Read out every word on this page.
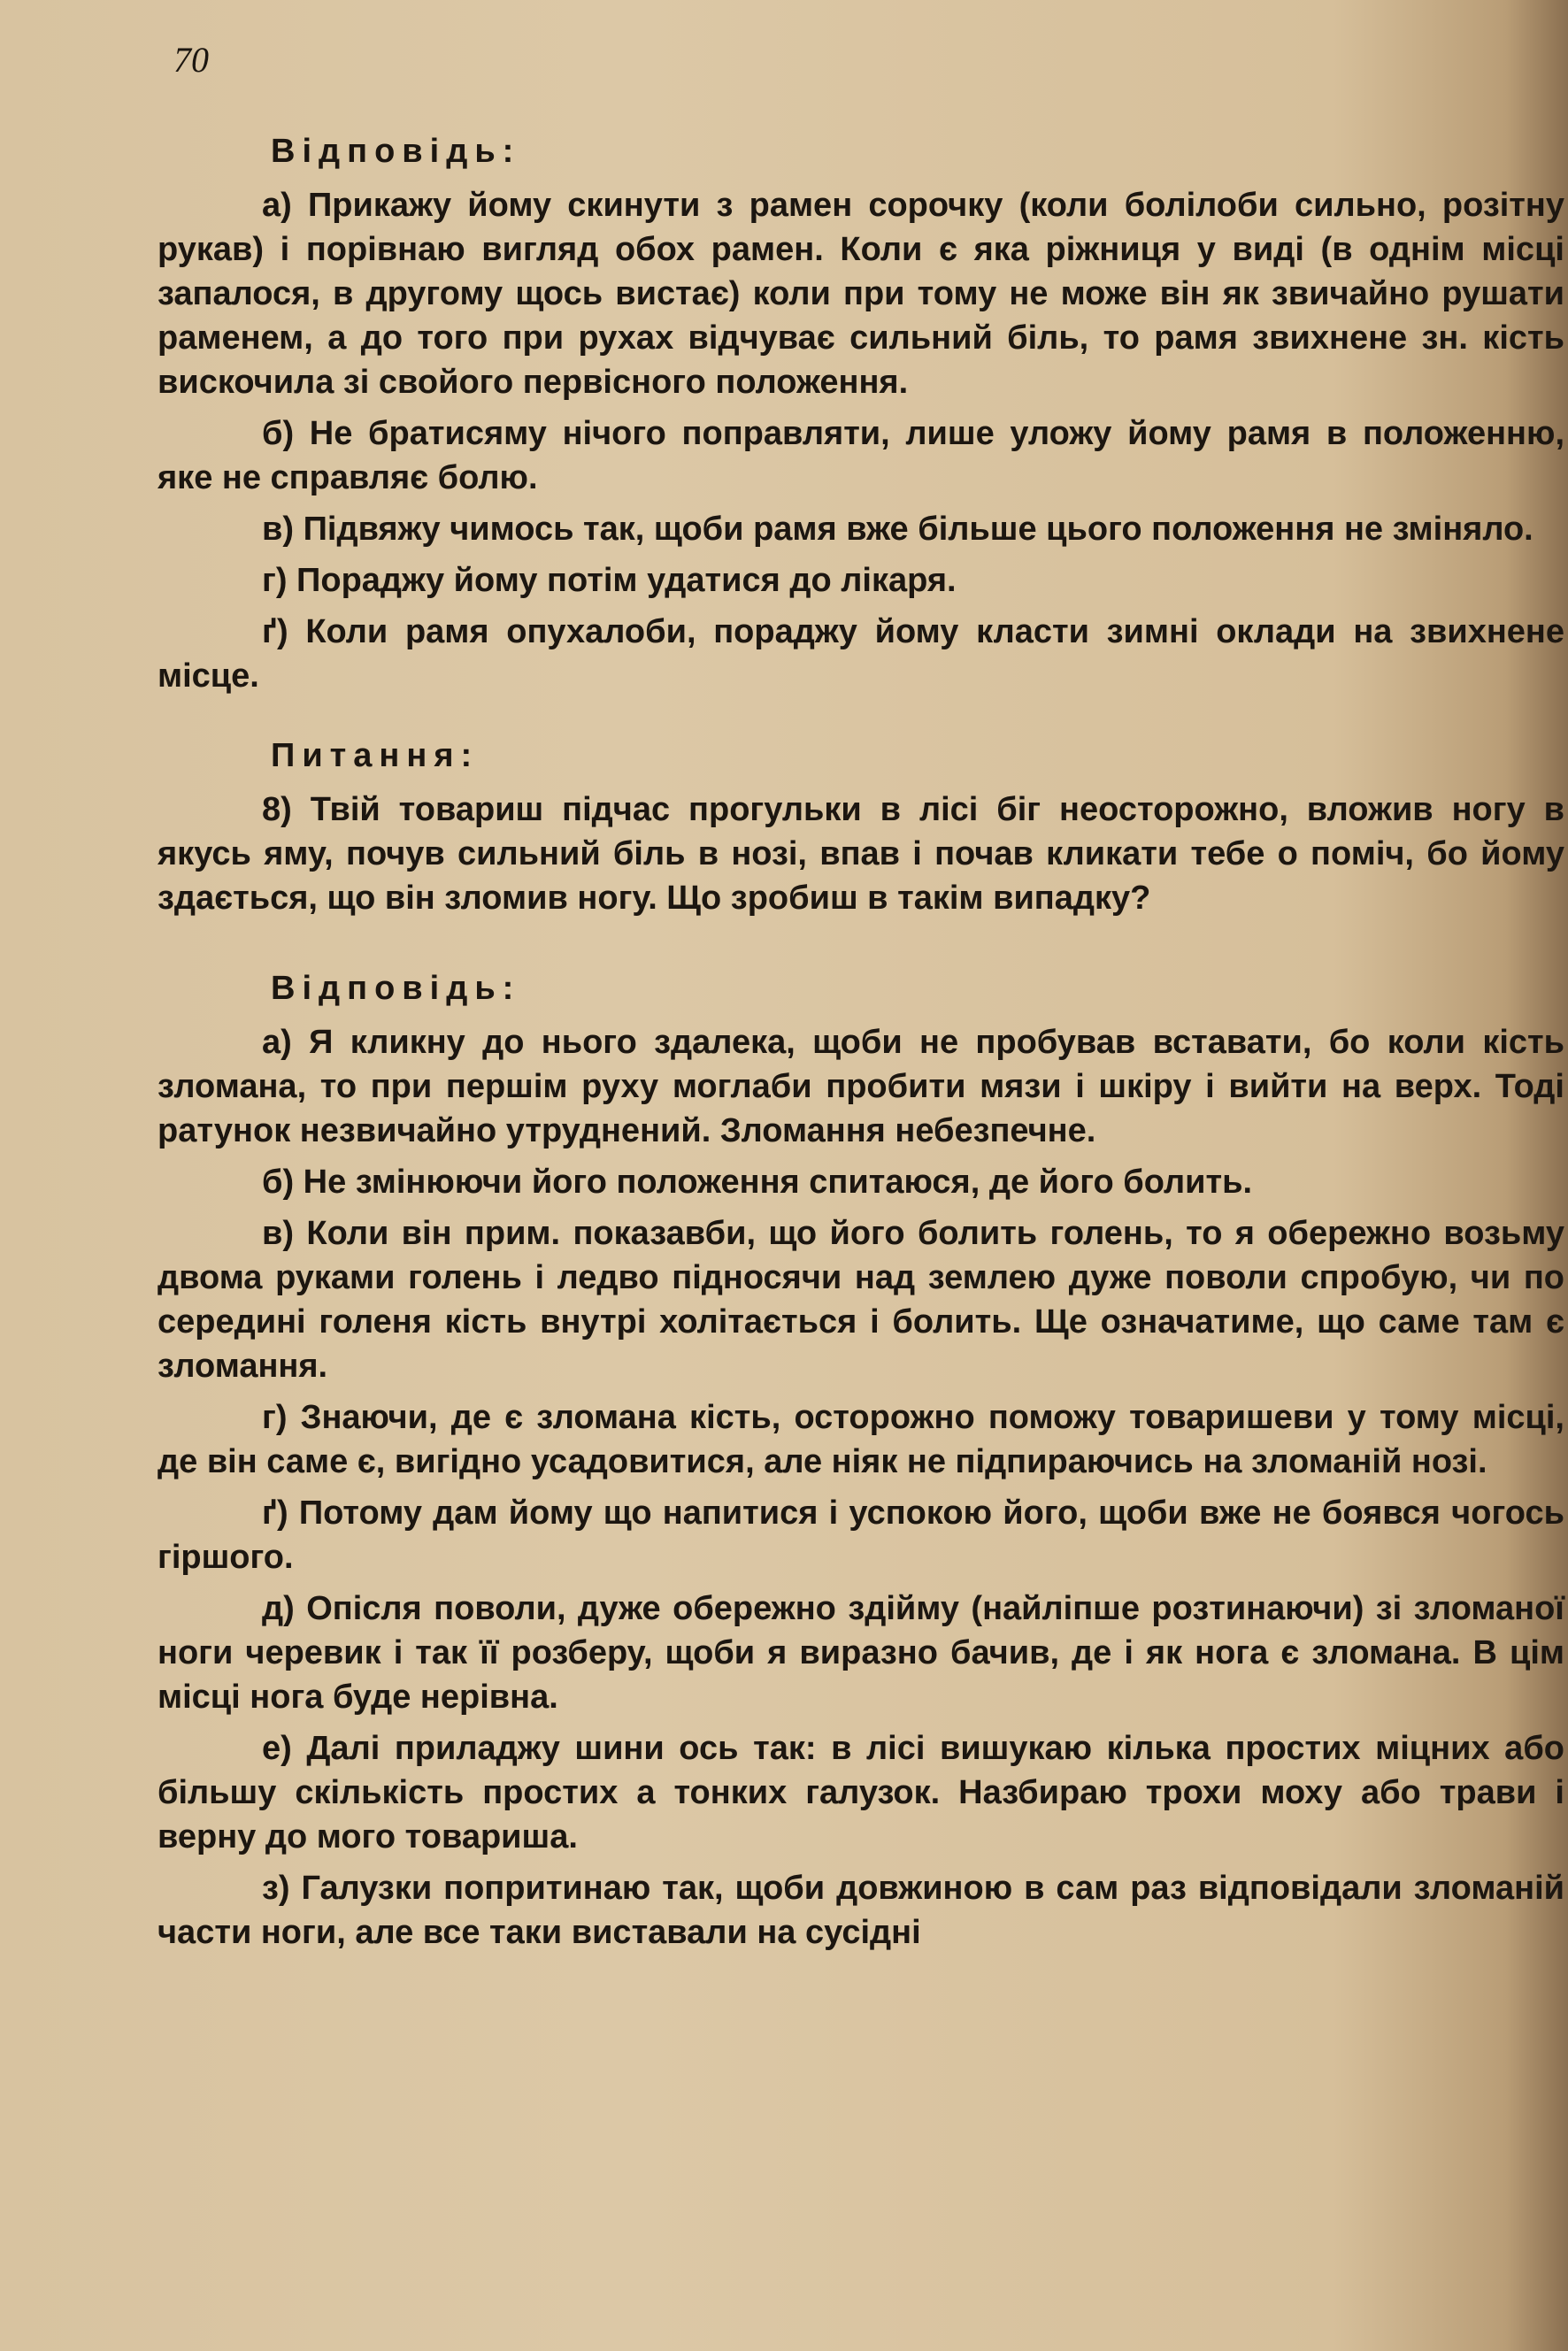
70
Відповідь:

а) Прикажу йому скинути з рамен сорочку (коли болілоби сильно, розітну рукав) і порівнаю вигляд обох рамен. Коли є яка ріжниця у виді (в однім місці запалося, в другому щось вистає) коли при тому не може він як звичайно рушати раменем, а до того при рухах відчуває сильний біль, то рамя звихнене зн. кість вискочила зі свойого первісного положення.

б) Не братисяму нічого поправляти, лише уложу йому рамя в положенню, яке не справляє болю.

в) Підвяжу чимось так, щоби рамя вже більше цього положення не зміняло.

г) Пораджу йому потім удатися до лікаря.

ґ) Коли рамя опухалоби, пораджу йому класти зимні оклади на звихнене місце.

Питання:

8) Твій товариш підчас прогульки в лісі біг неосторожно, вложив ногу в якусь яму, почув сильний біль в нозі, впав і почав кликати тебе о поміч, бо йому здається, що він зломив ногу. Що зробиш в такім випадку?

Відповідь:

а) Я кликну до нього здалека, щоби не пробував вставати, бо коли кість зломана, то при першім руху моглаби пробити мязи і шкіру і вийти на верх. Тоді ратунок незвичайно утруднений. Зломання небезпечне.

б) Не змінюючи його положення спитаюся, де його болить.

в) Коли він прим. показавби, що його болить голень, то я обережно возьму двома руками голень і ледво підносячи над землею дуже поволи спробую, чи по середині голеня кість внутрі холітається і болить. Ще означатиме, що саме там є зломання.

г) Знаючи, де є зломана кість, осторожно поможу товаришеви у тому місці, де він саме є, вигідно усадовитися, але ніяк не підпираючись на зломаній нозі.

ґ) Потому дам йому що напитися і успокою його, щоби вже не боявся чогось гіршого.

д) Опісля поволи, дуже обережно здійму (найліпше розтинаючи) зі зломаної ноги черевик і так її розберу, щоби я виразно бачив, де і як нога є зломана. В цім місці нога буде нерівна.

е) Далі приладжу шини ось так: в лісі вишукаю кілька простих міцних або більшу скількість простих а тонких галузок. Назбираю трохи моху або трави і верну до мого товариша.

з) Галузки попритинаю так, щоби довжиною в сам раз відповідали зломаній части ноги, але все таки виставали на сусідні
